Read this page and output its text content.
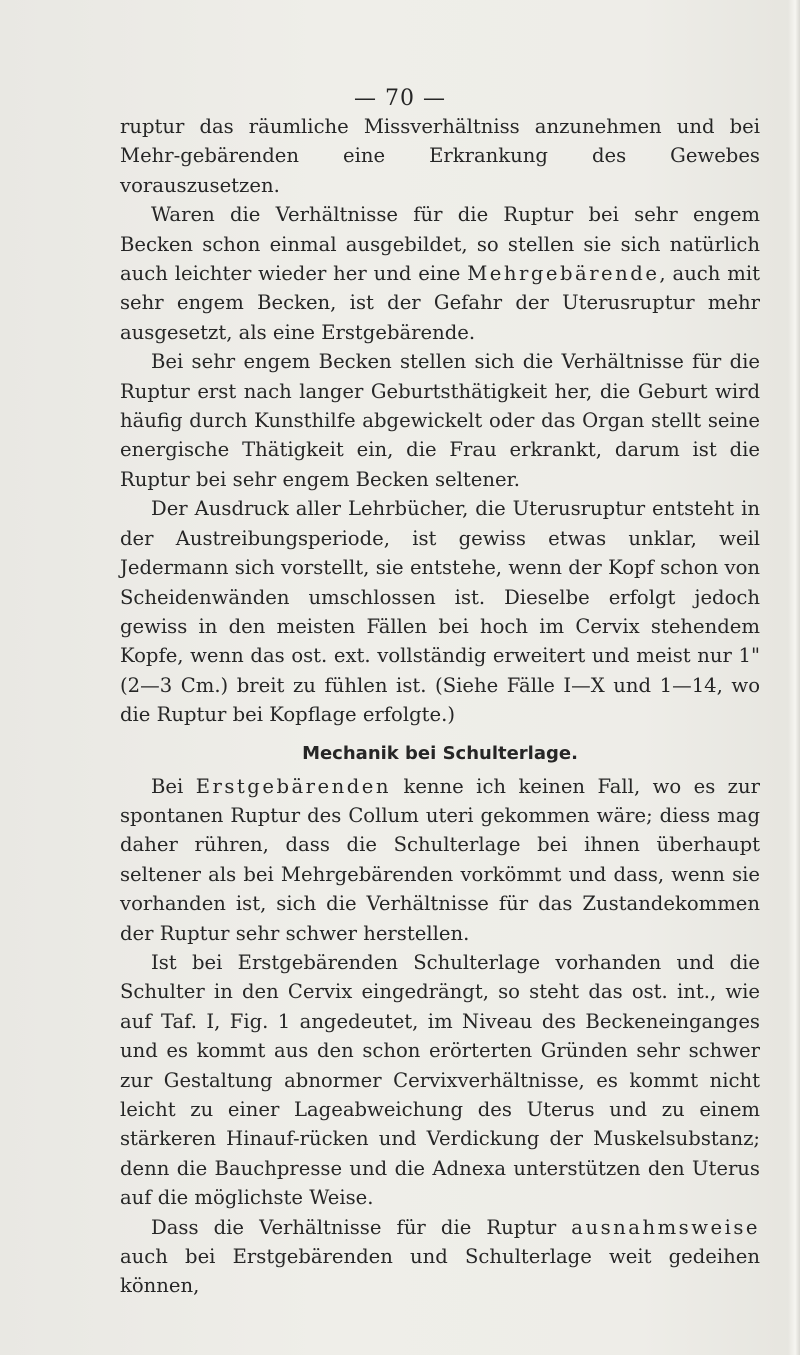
— 70 —

ruptur das räumliche Missverhältniss anzunehmen und bei Mehr-gebärenden eine Erkrankung des Gewebes vorauszusetzen.

Waren die Verhältnisse für die Ruptur bei sehr engem Becken schon einmal ausgebildet, so stellen sie sich natürlich auch leichter wieder her und eine Mehrgebärende, auch mit sehr engem Becken, ist der Gefahr der Uterusruptur mehr ausgesetzt, als eine Erstgebärende.

Bei sehr engem Becken stellen sich die Verhältnisse für die Ruptur erst nach langer Geburtsthätigkeit her, die Geburt wird häufig durch Kunsthilfe abgewickelt oder das Organ stellt seine energische Thätigkeit ein, die Frau erkrankt, darum ist die Ruptur bei sehr engem Becken seltener.

Der Ausdruck aller Lehrbücher, die Uterusruptur entsteht in der Austreibungsperiode, ist gewiss etwas unklar, weil Jedermann sich vorstellt, sie entstehe, wenn der Kopf schon von Scheidenwänden umschlossen ist. Dieselbe erfolgt jedoch gewiss in den meisten Fällen bei hoch im Cervix stehendem Kopfe, wenn das ost. ext. vollständig erweitert und meist nur 1" (2—3 Cm.) breit zu fühlen ist. (Siehe Fälle I—X und 1—14, wo die Ruptur bei Kopflage erfolgte.)

Mechanik bei Schulterlage.

Bei Erstgebärenden kenne ich keinen Fall, wo es zur spontanen Ruptur des Collum uteri gekommen wäre; diess mag daher rühren, dass die Schulterlage bei ihnen überhaupt seltener als bei Mehrgebärenden vorkömmt und dass, wenn sie vorhanden ist, sich die Verhältnisse für das Zustandekommen der Ruptur sehr schwer herstellen.

Ist bei Erstgebärenden Schulterlage vorhanden und die Schulter in den Cervix eingedrängt, so steht das ost. int., wie auf Taf. I, Fig. 1 angedeutet, im Niveau des Beckeneinganges und es kommt aus den schon erörterten Gründen sehr schwer zur Gestaltung abnormer Cervixverhältnisse, es kommt nicht leicht zu einer Lageabweichung des Uterus und zu einem stärkeren Hinauf-rücken und Verdickung der Muskelsubstanz; denn die Bauchpresse und die Adnexa unterstützen den Uterus auf die möglichste Weise.

Dass die Verhältnisse für die Ruptur ausnahmsweise auch bei Erstgebärenden und Schulterlage weit gedeihen können,
